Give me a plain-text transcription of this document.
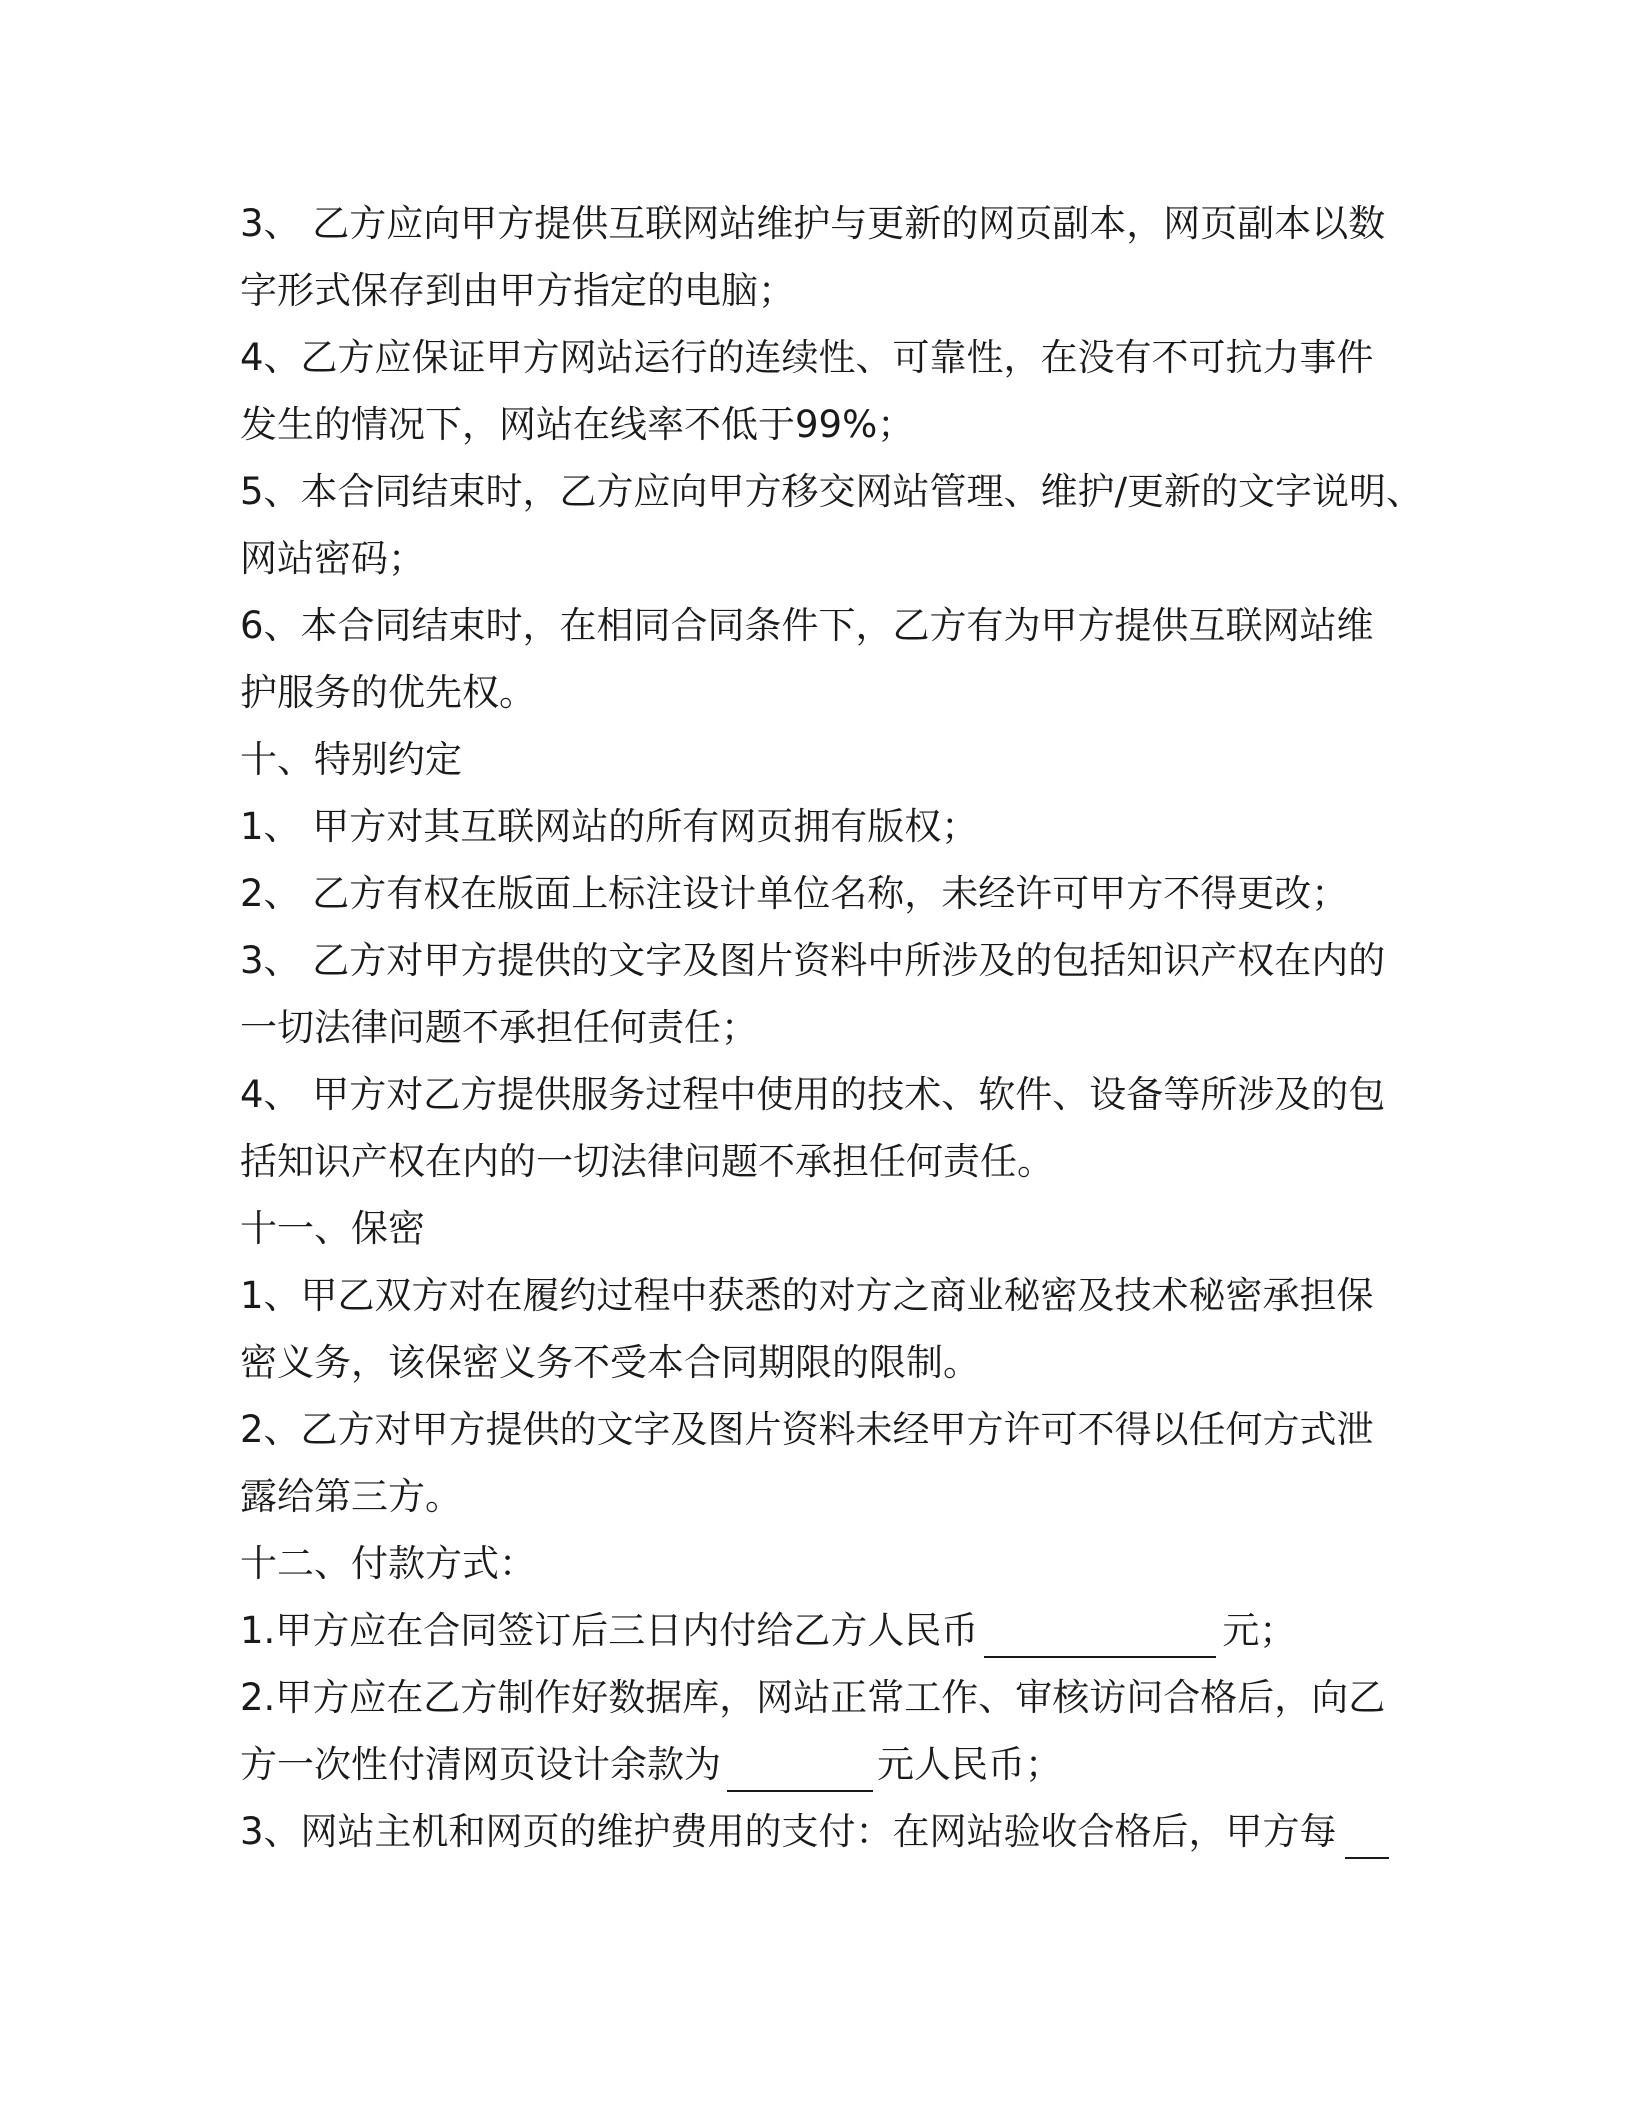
3、 乙方应向甲方提供互联网站维护与更新的网页副本，网页副本以数

字形式保存到由甲方指定的电脑；

4、乙方应保证甲方网站运行的连续性、可靠性，在没有不可抗力事件

发生的情况下，网站在线率不低于99%；

5、本合同结束时，乙方应向甲方移交网站管理、维护/更新的文字说明、

网站密码；

6、本合同结束时，在相同合同条件下，乙方有为甲方提供互联网站维

护服务的优先权。

十、特别约定

1、 甲方对其互联网站的所有网页拥有版权；

2、 乙方有权在版面上标注设计单位名称，未经许可甲方不得更改；

3、 乙方对甲方提供的文字及图片资料中所涉及的包括知识产权在内的

一切法律问题不承担任何责任；

4、 甲方对乙方提供服务过程中使用的技术、软件、设备等所涉及的包

括知识产权在内的一切法律问题不承担任何责任。

十一、保密

1、甲乙双方对在履约过程中获悉的对方之商业秘密及技术秘密承担保

密义务，该保密义务不受本合同期限的限制。

2、乙方对甲方提供的文字及图片资料未经甲方许可不得以任何方式泄

露给第三方。

十二、付款方式：

1.甲方应在合同签订后三日内付给乙方人民币	元；

2.甲方应在乙方制作好数据库，网站正常工作、审核访问合格后，向乙

方一次性付清网页设计余款为	元人民币；

3、网站主机和网页的维护费用的支付：在网站验收合格后，甲方每
